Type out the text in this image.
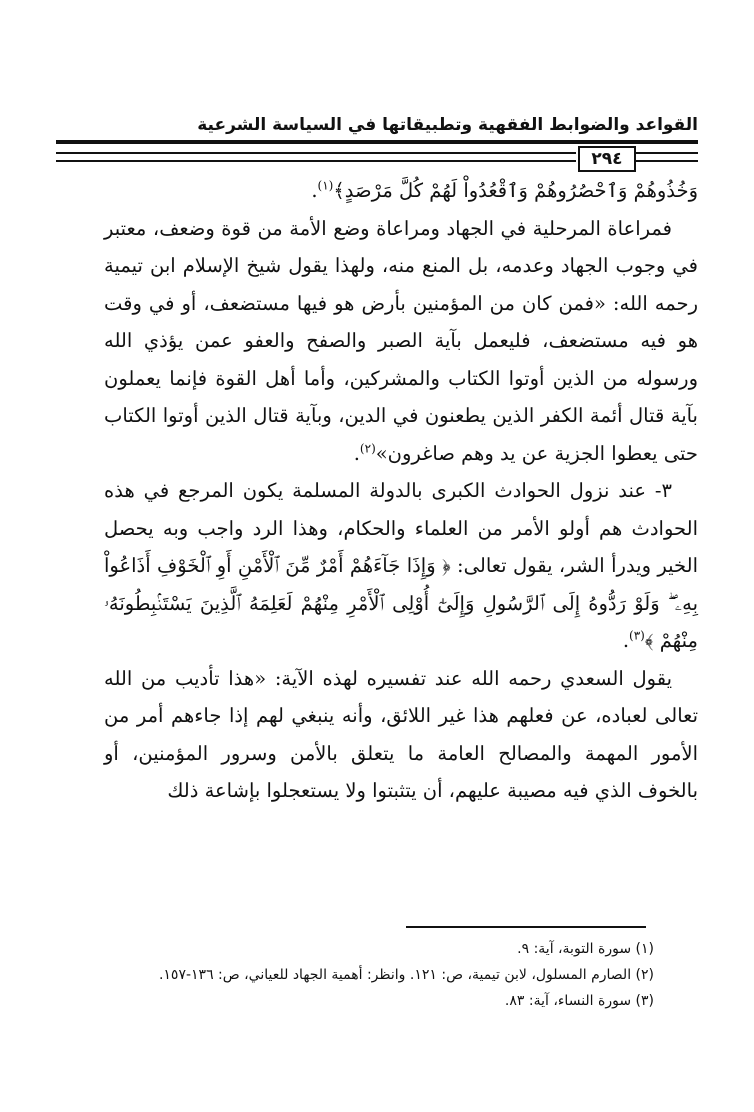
القواعد والضوابط الفقهية وتطبيقاتها في السياسة الشرعية
٢٩٤

وَخُذُوهُمْ وَٱحْصُرُوهُمْ وَٱقْعُدُواْ لَهُمْ كُلَّ مَرْصَدٍ﴾$^{(١)}$.

فمراعاة المرحلية في الجهاد ومراعاة وضع الأمة من قوة وضعف، معتبر في وجوب الجهاد وعدمه، بل المنع منه، ولهذا يقول شيخ الإسلام ابن تيمية رحمه الله: «فمن كان من المؤمنين بأرض هو فيها مستضعف، أو في وقت هو فيه مستضعف، فليعمل بآية الصبر والصفح والعفو عمن يؤذي الله ورسوله من الذين أوتوا الكتاب والمشركين، وأما أهل القوة فإنما يعملون بآية قتال أئمة الكفر الذين يطعنون في الدين، وبآية قتال الذين أوتوا الكتاب حتى يعطوا الجزية عن يد وهم صاغرون»$^{(٢)}$.

٣- عند نزول الحوادث الكبرى بالدولة المسلمة يكون المرجع في هذه الحوادث هم أولو الأمر من العلماء والحكام، وهذا الرد واجب وبه يحصل الخير ويدرأ الشر، يقول تعالى: ﴿ وَإِذَا جَآءَهُمْ أَمْرٌ مِّنَ ٱلْأَمْنِ أَوِ ٱلْخَوْفِ أَذَاعُواْ بِهِۦ ۖ وَلَوْ رَدُّوهُ إِلَى ٱلرَّسُولِ وَإِلَىٰٓ أُوْلِى ٱلْأَمْرِ مِنْهُمْ لَعَلِمَهُ ٱلَّذِينَ يَسْتَنۢبِطُونَهُۥ مِنْهُمْ ﴾$^{(٣)}$.

يقول السعدي رحمه الله عند تفسيره لهذه الآية: «هذا تأديب من الله تعالى لعباده، عن فعلهم هذا غير اللائق، وأنه ينبغي لهم إذا جاءهم أمر من الأمور المهمة والمصالح العامة ما يتعلق بالأمن وسرور المؤمنين، أو بالخوف الذي فيه مصيبة عليهم، أن يتثبتوا ولا يستعجلوا بإشاعة ذلك

(١) سورة التوبة، آية: ٩.
(٢) الصارم المسلول، لابن تيمية، ص: ١٢١. وانظر: أهمية الجهاد للعياني، ص: ١٣٦-١٥٧.
(٣) سورة النساء، آية: ٨٣.
